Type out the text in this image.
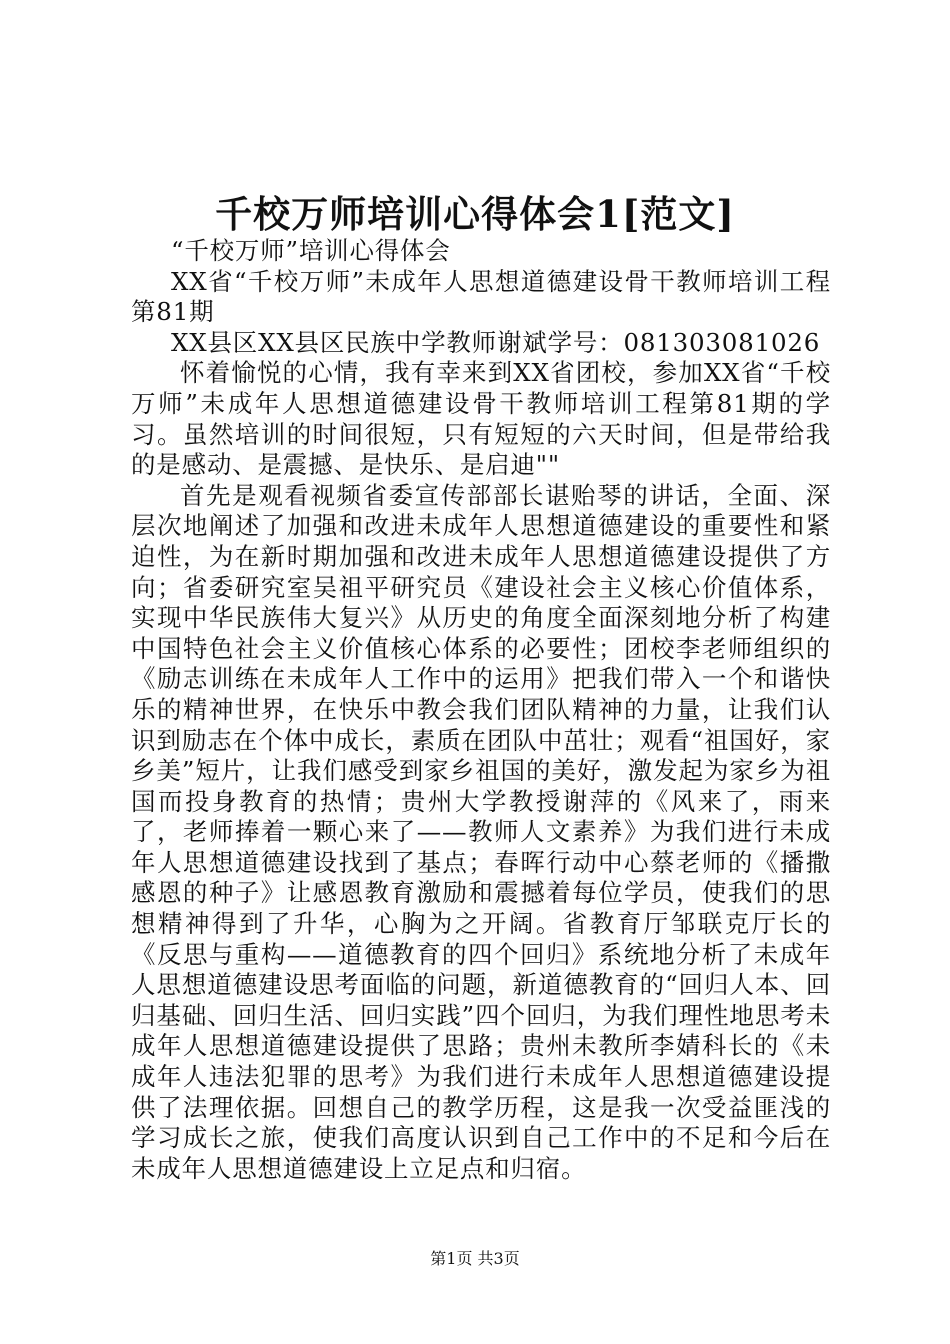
千校万师培训心得体会1[范文]

“千校万师”培训心得体会

XX省“千校万师”未成年人思想道德建设骨干教师培训工程第81期

XX县区XX县区民族中学教师谢斌学号：081303081026

怀着愉悦的心情，我有幸来到XX省团校，参加XX省“千校万师”未成年人思想道德建设骨干教师培训工程第81期的学习。虽然培训的时间很短，只有短短的六天时间，但是带给我的是感动、是震撼、是快乐、是启迪""

首先是观看视频省委宣传部部长谌贻琴的讲话，全面、深层次地阐述了加强和改进未成年人思想道德建设的重要性和紧迫性，为在新时期加强和改进未成年人思想道德建设提供了方向；省委研究室吴祖平研究员《建设社会主义核心价值体系，实现中华民族伟大复兴》从历史的角度全面深刻地分析了构建中国特色社会主义价值核心体系的必要性；团校李老师组织的《励志训练在未成年人工作中的运用》把我们带入一个和谐快乐的精神世界，在快乐中教会我们团队精神的力量，让我们认识到励志在个体中成长，素质在团队中茁壮；观看“祖国好，家乡美”短片，让我们感受到家乡祖国的美好，激发起为家乡为祖国而投身教育的热情；贵州大学教授谢萍的《风来了，雨来了，老师捧着一颗心来了——教师人文素养》为我们进行未成年人思想道德建设找到了基点；春晖行动中心蔡老师的《播撒感恩的种子》让感恩教育激励和震撼着每位学员，使我们的思想精神得到了升华，心胸为之开阔。省教育厅邹联克厅长的《反思与重构——道德教育的四个回归》系统地分析了未成年人思想道德建设思考面临的问题，新道德教育的“回归人本、回归基础、回归生活、回归实践”四个回归，为我们理性地思考未成年人思想道德建设提供了思路；贵州未教所李婧科长的《未成年人违法犯罪的思考》为我们进行未成年人思想道德建设提供了法理依据。回想自己的教学历程，这是我一次受益匪浅的学习成长之旅，使我们高度认识到自己工作中的不足和今后在未成年人思想道德建设上立足点和归宿。

第1页 共3页
